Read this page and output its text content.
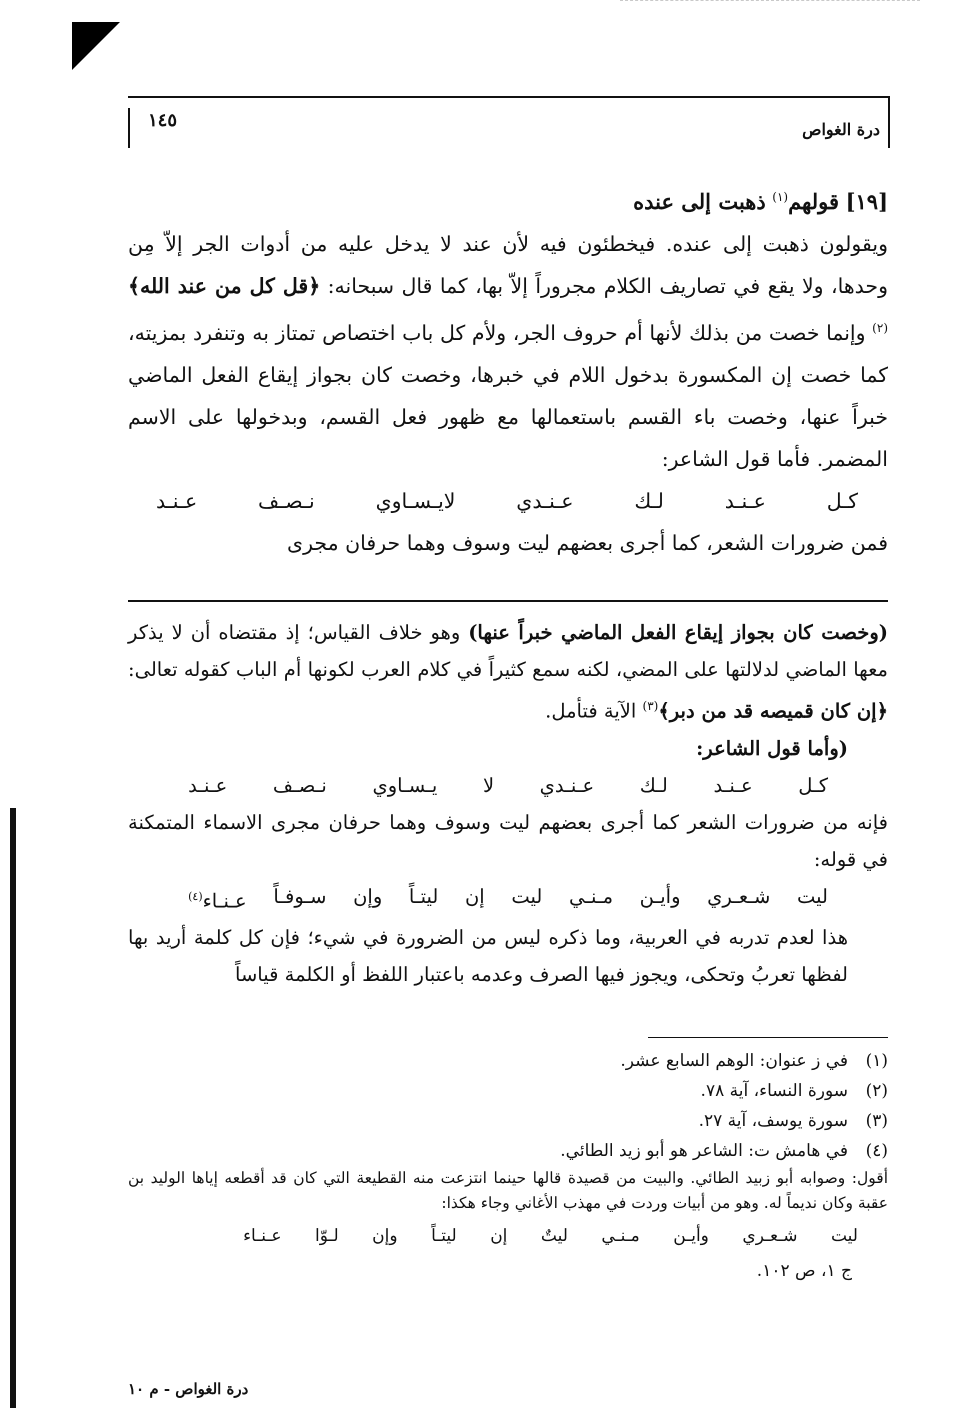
١٤٥	درة الغواص

[١٩] قولهم$^{(١)}$ ذهبت إلى عنده

ويقولون ذهبت إلى عنده. فيخطئون فيه لأن عند لا يدخل عليه من أدوات الجر إلاّ مِن وحدها، ولا يقع في تصاريف الكلام مجروراً إلاّ بها، كما قال سبحانه: ﴿قل كل من عند الله﴾$^{(٢)}$ وإنما خصت من بذلك لأنها أم حروف الجر، ولأم كل باب اختصاص تمتاز به وتنفرد بمزيته، كما خصت إن المكسورة بدخول اللام في خبرها، وخصت كان بجواز إيقاع الفعل الماضي خبراً عنها، وخصت باء القسم باستعمالها مع ظهور فعل القسم، وبدخولها على الاسم المضمر. فأما قول الشاعر:

كـل
عـنـد
لـك
عـنـدي
لايـسـاوي
نـصـف
عـنـد

فمن ضرورات الشعر، كما أجرى بعضهم ليت وسوف وهما حرفان مجرى

(وخصت كان بجواز إيقاع الفعل الماضي خبراً عنها) وهو خلاف القياس؛ إذ مقتضاه أن لا يذكر معها الماضي لدلالتها على المضي، لكنه سمع كثيراً في كلام العرب لكونها أم الباب كقوله تعالى: ﴿إن كان قميصه قد من دبر﴾$^{(٣)}$ الآية فتأمل.

(وأما قول الشاعر:

كـل
عـنـد
لـك
عـنـدي
لا
يـسـاوي
نـصـف
عـنـد

فإنه من ضرورات الشعر كما أجرى بعضهم ليت وسوف وهما حرفان مجرى الاسماء المتمكنة في قوله:

ليت
شـعـري
وأيـن
مـنـي
ليت
إن
ليتـاً
وإن
سـوفـاً
عـنـاء$^{(٤)}$

هذا لعدم تدربه في العربية، وما ذكره ليس من الضرورة في شيء؛ فإن كل كلمة أريد بها لفظها تعربُ وتحكى، ويجوز فيها الصرف وعدمه باعتبار اللفظ أو الكلمة قياساً

(١)في ز عنوان: الوهم السابع عشر.

(٢)سورة النساء، آية ٧٨.

(٣)سورة يوسف، آية ٢٧.

(٤)في هامش ت: الشاعر هو أبو زيد الطائي.

أقول: وصوابه أبو زبيد الطائي. والبيت من قصيدة قالها حينما انتزعت منه القطيعة التي كان قد أقطعه إياها الوليد بن عقبة وكان نديماً له. وهو من أبيات وردت في مهذب الأغاني وجاء هكذا:

ليت
شـعـري
وأيـن
مـنـي
ليتٌ
إن
ليتـاً
وإن
لـوّا
عـنـاء

ج ١، ص ١٠٢.

درة الغواص - م ١٠
